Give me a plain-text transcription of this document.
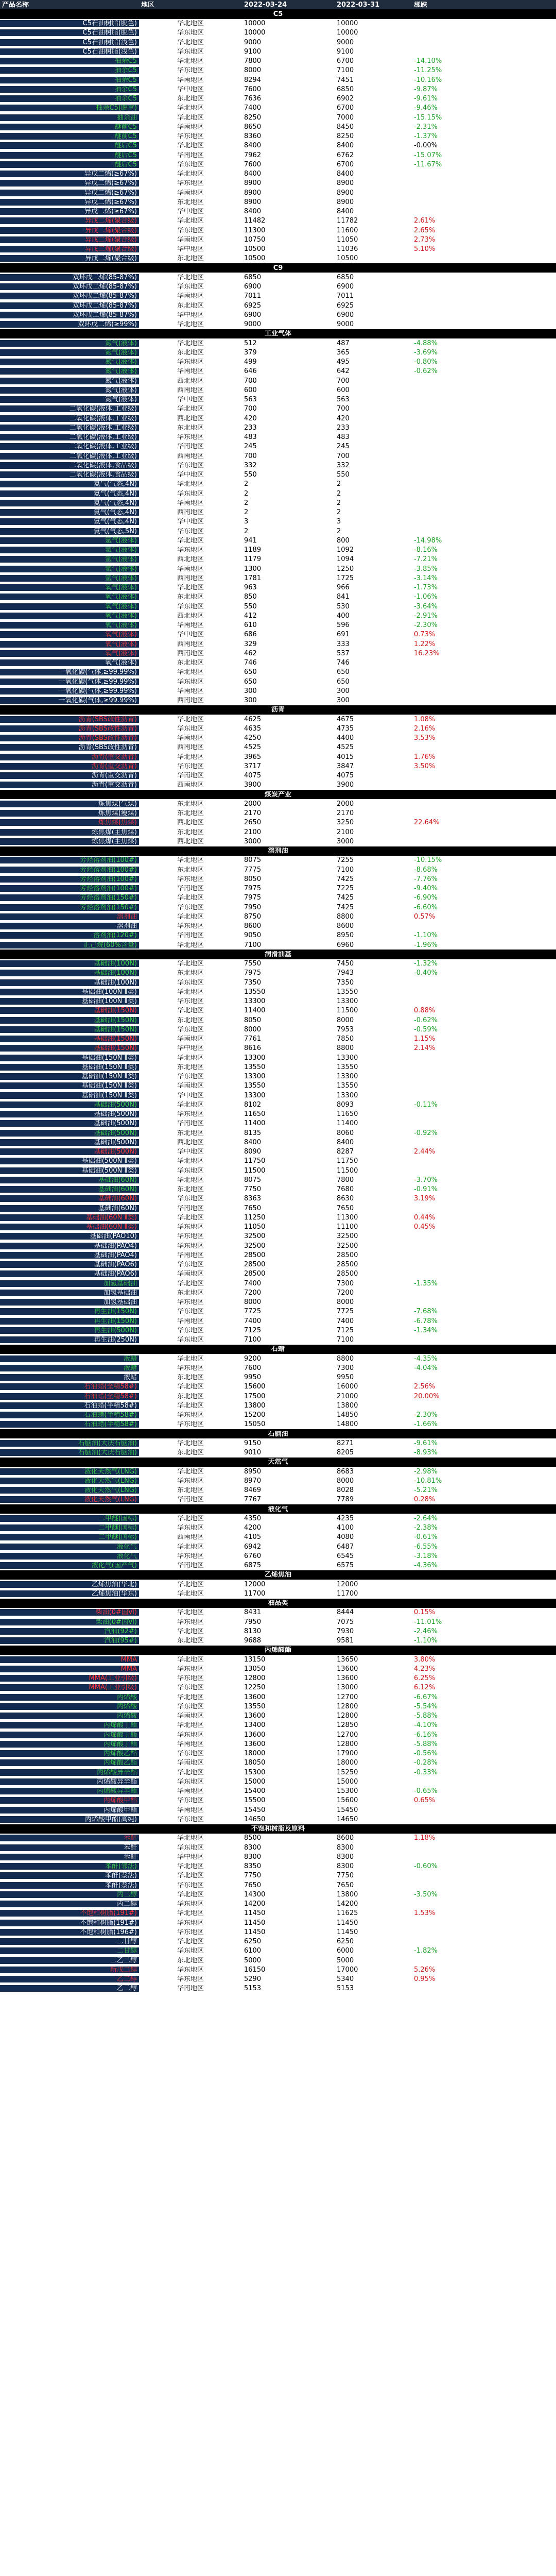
产品名称	地区	2022-03-24	2022-03-31	涨跌
C5
C5石油树脂(脱色)	华北地区	10000	10000
C5石油树脂(脱色)	华东地区	10000	10000
C5石油树脂(浅色)	华北地区	9000	9000
C5石油树脂(浅色)	华东地区	9100	9100
抽余C5	华北地区	7800	6700	-14.10%
抽余C5	华东地区	8000	7100	-11.25%
抽余C5	华南地区	8294	7451	-10.16%
抽余C5	华中地区	7600	6850	-9.87%
抽余C5	东北地区	7636	6902	-9.61%
抽余C5(脱重)	华北地区	7400	6700	-9.46%
抽余油	华北地区	8250	7000	-15.15%
醚前C5	华南地区	8650	8450	-2.31%
醚前C5	华东地区	8360	8250	-1.37%
醚后C5	华北地区	8400	8400	-0.00%
醚后C5	华南地区	7962	6762	-15.07%
醚后C5	华东地区	7600	6700	-11.67%
异戊二烯(≥67%)	华北地区	8400	8400
异戊二烯(≥67%)	华东地区	8900	8900
异戊二烯(≥67%)	华南地区	8900	8900
异戊二烯(≥67%)	东北地区	8900	8900
异戊二烯(≥67%)	华中地区	8400	8400
异戊二烯(聚合级)	华北地区	11482	11782	2.61%
异戊二烯(聚合级)	华东地区	11300	11600	2.65%
异戊二烯(聚合级)	华南地区	10750	11050	2.73%
异戊二烯(聚合级)	华中地区	10500	11036	5.10%
异戊二烯(聚合级)	东北地区	10500	10500
C9
双环戊二烯(85-87%)	华北地区	6850	6850
双环戊二烯(85-87%)	华东地区	6900	6900
双环戊二烯(85-87%)	华南地区	7011	7011
双环戊二烯(85-87%)	东北地区	6925	6925
双环戊二烯(85-87%)	华中地区	6900	6900
双环戊二烯(≥99%)	华北地区	9000	9000
工业气体
氮气(液体)	华北地区	512	487	-4.88%
氮气(液体)	东北地区	379	365	-3.69%
氮气(液体)	华东地区	499	495	-0.80%
氮气(液体)	华南地区	646	642	-0.62%
氮气(液体)	西北地区	700	700
氮气(液体)	西南地区	600	600
氮气(液体)	华中地区	563	563
二氧化碳(液体,工业级)	华北地区	700	700
二氧化碳(液体,工业级)	西北地区	420	420
二氧化碳(液体,工业级)	东北地区	233	233
二氧化碳(液体,工业级)	华东地区	483	483
二氧化碳(液体,工业级)	华南地区	245	245
二氧化碳(液体,工业级)	西南地区	700	700
二氧化碳(液体,食品级)	华东地区	332	332
二氧化碳(液体,食品级)	华中地区	550	550
氦气(气态,4N)	华北地区	2	2
氦气(气态,4N)	华东地区	2	2
氦气(气态,4N)	华南地区	2	2
氦气(气态,4N)	西南地区	2	2
氦气(气态,4N)	华中地区	3	3
氦气(气态,5N)	华东地区	2	2
氩气(液体)	华北地区	941	800	-14.98%
氩气(液体)	华东地区	1189	1092	-8.16%
氩气(液体)	西北地区	1179	1094	-7.21%
氩气(液体)	华南地区	1300	1250	-3.85%
氩气(液体)	西南地区	1781	1725	-3.14%
氧气(液体)	华北地区	963	966	-1.73%
氧气(液体)	东北地区	850	841	-1.06%
氧气(液体)	华东地区	550	530	-3.64%
氧气(液体)	西北地区	412	400	-2.91%
氧气(液体)	华南地区	610	596	-2.30%
氧气(液体)	华中地区	686	691	0.73%
氧气(液体)	西南地区	329	333	1.22%
氧气(液体)	西南地区	462	537	16.23%
氧气(液体)	东北地区	746	746
一氧化碳(气体,≥99.99%)	华北地区	650	650
一氧化碳(气体,≥99.99%)	华东地区	650	650
一氧化碳(气体,≥99.99%)	华南地区	300	300
一氧化碳(气体,≥99.99%)	西南地区	300	300
沥青
沥青(SBS改性沥青)	华北地区	4625	4675	1.08%
沥青(SBS改性沥青)	华东地区	4635	4735	2.16%
沥青(SBS改性沥青)	华南地区	4250	4400	3.53%
沥青(SBS改性沥青)	西南地区	4525	4525
沥青(重交沥青)	华北地区	3965	4015	1.76%
沥青(重交沥青)	华东地区	3717	3847	3.50%
沥青(重交沥青)	华南地区	4075	4075
沥青(重交沥青)	西南地区	3900	3900
煤炭产业
炼焦煤(气煤)	东北地区	2000	2000
炼焦煤(瘦煤)	东北地区	2170	2170
炼焦煤(焦煤)	西北地区	2650	3250	22.64%
炼焦煤(主焦煤)	东北地区	2100	2100
炼焦煤(主焦煤)	西北地区	3000	3000
溶剂油
芳烃溶剂油(100#)	华北地区	8075	7255	-10.15%
芳烃溶剂油(100#)	东北地区	7775	7100	-8.68%
芳烃溶剂油(100#)	华东地区	8050	7425	-7.76%
芳烃溶剂油(100#)	华南地区	7975	7225	-9.40%
芳烃溶剂油(150#)	华北地区	7975	7425	-6.90%
芳烃溶剂油(150#)	华东地区	7950	7425	-6.60%
溶剂油	华北地区	8750	8800	0.57%
溶剂油	华东地区	8600	8600
溶剂油(120#)	华南地区	9050	8950	-1.10%
正己烷(60%含量)	华北地区	7100	6960	-1.96%
润滑油基
基础油(100N)	华北地区	7550	7450	-1.32%
基础油(100N)	东北地区	7975	7943	-0.40%
基础油(100N)	华东地区	7350	7350
基础油(100N Ⅱ类)	华北地区	13550	13550
基础油(100N Ⅱ类)	华东地区	13300	13300
基础油(150N)	华北地区	11400	11500	0.88%
基础油(150N)	东北地区	8050	8000	-0.62%
基础油(150N)	华东地区	8000	7953	-0.59%
基础油(150N)	华南地区	7761	7850	1.15%
基础油(150N)	华中地区	8616	8800	2.14%
基础油(150N Ⅱ类)	华北地区	13300	13300
基础油(150N Ⅱ类)	东北地区	13550	13550
基础油(150N Ⅱ类)	华东地区	13300	13300
基础油(150N Ⅱ类)	华南地区	13550	13550
基础油(150N Ⅱ类)	华中地区	13300	13300
基础油(500N)	华北地区	8102	8093	-0.11%
基础油(500N)	华东地区	11650	11650
基础油(500N)	华南地区	11400	11400
基础油(500N)	东北地区	8135	8060	-0.92%
基础油(500N)	西北地区	8400	8400
基础油(500N)	华中地区	8090	8287	2.44%
基础油(500N Ⅱ类)	华北地区	11750	11750
基础油(500N Ⅱ类)	华东地区	11500	11500
基础油(60N)	华北地区	8075	7800	-3.70%
基础油(60N)	东北地区	7750	7680	-0.91%
基础油(60N)	华东地区	8363	8630	3.19%
基础油(60N)	华南地区	7650	7650
基础油(60N Ⅱ类)	华北地区	11250	11300	0.44%
基础油(60N Ⅱ类)	华东地区	11050	11100	0.45%
基础油(PAO10)	华东地区	32500	32500
基础油(PAO4)	华东地区	32500	32500
基础油(PAO4)	华南地区	28500	28500
基础油(PAO6)	华东地区	28500	28500
基础油(PAO6)	华南地区	28500	28500
加氢基础油	华北地区	7400	7300	-1.35%
加氢基础油	东北地区	7200	7200
加氢基础油	华东地区	8000	8000
再生油(150N)	华东地区	7725	7725	-7.68%
再生油(150N)	华南地区	7400	7400	-6.78%
再生油(500N)	华东地区	7125	7125	-1.34%
再生油(250N)	华东地区	7100	7100
石蜡
液蜡	华北地区	9200	8800	-4.35%
液蜡	华东地区	7600	7300	-4.04%
液蜡	东北地区	9950	9950
石油蜡(全精58#)	华北地区	15600	16000	2.56%
石油蜡(全精58#)	东北地区	17500	21000	20.00%
石油蜡(半精58#)	华北地区	13800	13800
石油蜡(半精58#)	华东地区	15200	14850	-2.30%
石油蜡(半精58#)	华东地区	15050	14800	-1.66%
石脑油
石脑油(大庆石脑油)	华北地区	9150	8271	-9.61%
石脑油(大庆石脑油)	东北地区	9010	8205	-8.93%
天然气
液化天然气(LNG)	华北地区	8950	8683	-2.98%
液化天然气(LNG)	华东地区	8970	8000	-10.81%
液化天然气(LNG)	东北地区	8469	8028	-5.21%
液化天然气(LNG)	华南地区	7767	7789	0.28%
液化气
二甲醚(国标)	华北地区	4350	4235	-2.64%
二甲醚(国标)	华东地区	4200	4100	-2.38%
二甲醚(国标)	西南地区	4105	4080	-0.61%
液化气	华北地区	6942	6487	-6.55%
液化气	华东地区	6760	6545	-3.18%
液化气(国产气)	华南地区	6875	6575	-4.36%
乙烯焦油
乙烯焦油(华北)	华北地区	12000	12000
乙烯焦油(华东)	华北地区	11700	11700
油品类
柴油(0#国Ⅵ)	华北地区	8431	8444	0.15%
柴油(0#国Ⅵ)	华东地区	7950	7075	-11.01%
汽油(92#)	华北地区	8130	7930	-2.46%
汽油(95#)	东北地区	9688	9581	-1.10%
丙烯酸酯
MMA	华北地区	13150	13650	3.80%
MMA	华东地区	13050	13600	4.23%
MMA(工业引级)	华东地区	12800	13600	6.25%
MMA(工业引级)	华东地区	12250	13000	6.12%
丙烯酸	华北地区	13600	12700	-6.67%
丙烯酸	华东地区	13550	12800	-5.54%
丙烯酸	华南地区	13600	12800	-5.88%
丙烯酸丁酯	华北地区	13400	12850	-4.10%
丙烯酸丁酯	华东地区	13600	12700	-6.16%
丙烯酸丁酯	华南地区	13600	12800	-5.88%
丙烯酸乙酯	华东地区	18000	17900	-0.56%
丙烯酸乙酯	华南地区	18050	18000	-0.28%
丙烯酸异辛酯	华北地区	15300	15250	-0.33%
丙烯酸异辛酯	华东地区	15000	15000
丙烯酸异辛酯	华南地区	15400	15300	-0.65%
丙烯酸甲酯	华东地区	15500	15600	0.65%
丙烯酸甲酯	华南地区	15450	15450
丙烯酸甲酯(高纯)	华东地区	14650	14650
不饱和树脂及原料
苯酐	华北地区	8500	8600	1.18%
苯酐	华东地区	8300	8300
苯酐	华中地区	8300	8300
苯酐(邻法)	华北地区	8350	8300	-0.60%
苯酐(萘法)	华北地区	7750	7750
苯酐(萘法)	华东地区	7650	7650
丙二醇	华北地区	14300	13800	-3.50%
丙二醇	华东地区	14200	14200
不饱和树脂(191#)	华北地区	11450	11625	1.53%
不饱和树脂(191#)	华东地区	11450	11450
不饱和树脂(196#)	华东地区	11450	11450
二甘醇	华北地区	6250	6250
二甘醇	华东地区	6100	6000	-1.82%
二乙二醇	东北地区	5000	5000
新戊二醇	华东地区	16150	17000	5.26%
乙二醇	华东地区	5290	5340	0.95%
乙二醇	华南地区	5153	5153
